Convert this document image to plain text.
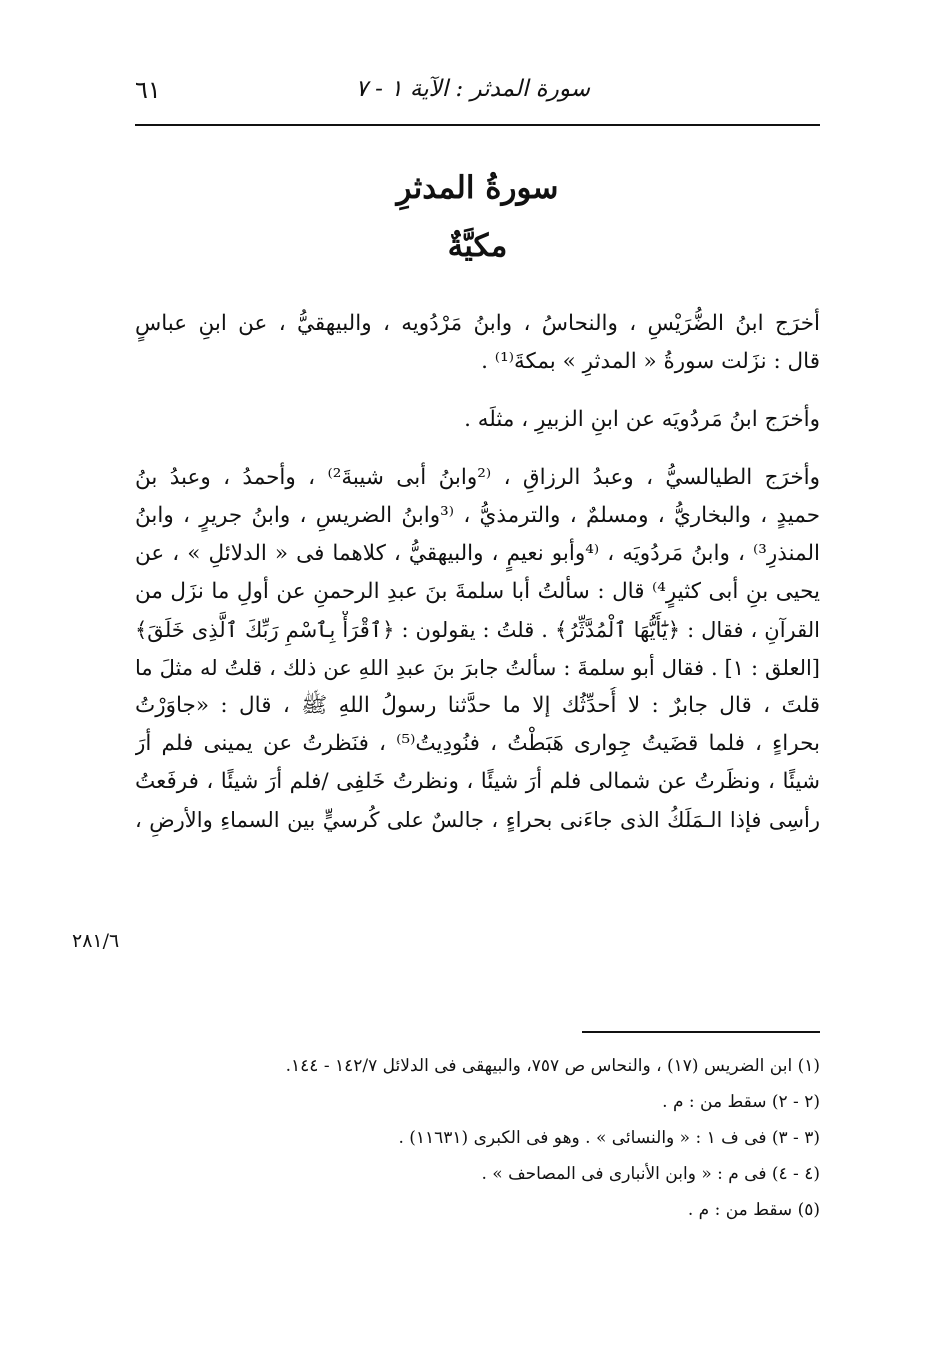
سورة المدثر : الآية ١ - ٧
٦١
سورةُ المدثرِ
مكيَّةٌ
أخرَج ابنُ الضُّرَيْسِ ، والنحاسُ ، وابنُ مَرْدُويه ، والبيهقيُّ ، عن ابنِ عباسٍ
قال : نزَلت سورةُ « المدثرِ » بمكةَ⁽¹⁾ .
وأخرَج ابنُ مَردُويَه عن ابنِ الزبيرِ ، مثلَه .
وأخرَج الطيالسيُّ ، وعبدُ الرزاقِ ، ⁽²وابنُ أبى شيبةَ²⁾ ، وأحمدُ ، وعبدُ بنُ
حميدٍ ، والبخاريُّ ، ومسلمٌ ، والترمذيُّ ، ⁽³وابنُ الضريسِ ، وابنُ جريرٍ ، وابنُ
المنذرِ³⁾ ، وابنُ مَردُويَه ، ⁽⁴وأبو نعيمٍ ، والبيهقيُّ ، كلاهما فى « الدلائلِ » ، عن
يحيى بنِ أبى كثيرٍ⁴⁾ قال : سألتُ أبا سلمةَ بنَ عبدِ الرحمنِ عن أولِ ما نزَل من
القرآنِ ، فقال : ﴿يَٰٓأَيُّهَا ٱلْمُدَّثِّرُ﴾ . قلتُ : يقولون : ﴿ٱقْرَأْ بِٱسْمِ رَبِّكَ ٱلَّذِى خَلَقَ﴾
[العلق : ١] . فقال أبو سلمةَ : سألتُ جابرَ بنَ عبدِ اللهِ عن ذلك ، قلتُ له مثلَ ما
قلتَ ، قال جابرٌ : لا أُحدِّثُك إلا ما حدَّثنا رسولُ اللهِ ﷺ ، قال : «جاوَرْتُ
بحراءٍ ، فلما قضَيتُ جِوارى هَبَطْتُ ، فنُودِيتُ⁽⁵⁾ ، فنَظرتُ عن يمينى فلم أرَ
شيئًا ، ونظَرتُ عن شمالى فلم أرَ شيئًا ، ونظرتُ خَلفِى /فلم أرَ شيئًا ، فرفَعتُ
رأسِى فإذا الـمَلَكُ الذى جاءَنى بحراءٍ ، جالسٌ على كُرسيٍّ بين السماءِ والأرضِ ،
٢٨١/٦
(١) ابن الضريس (١٧) ، والنحاس ص ٧٥٧، والبيهقى فى الدلائل ١٤٢/٧ - ١٤٤.
(٢ - ٢) سقط من : م .
(٣ - ٣) فى ف ١ : « والنسائى » . وهو فى الكبرى (١١٦٣١) .
(٤ - ٤) فى م : « وابن الأنبارى فى المصاحف » .
(٥) سقط من : م .
